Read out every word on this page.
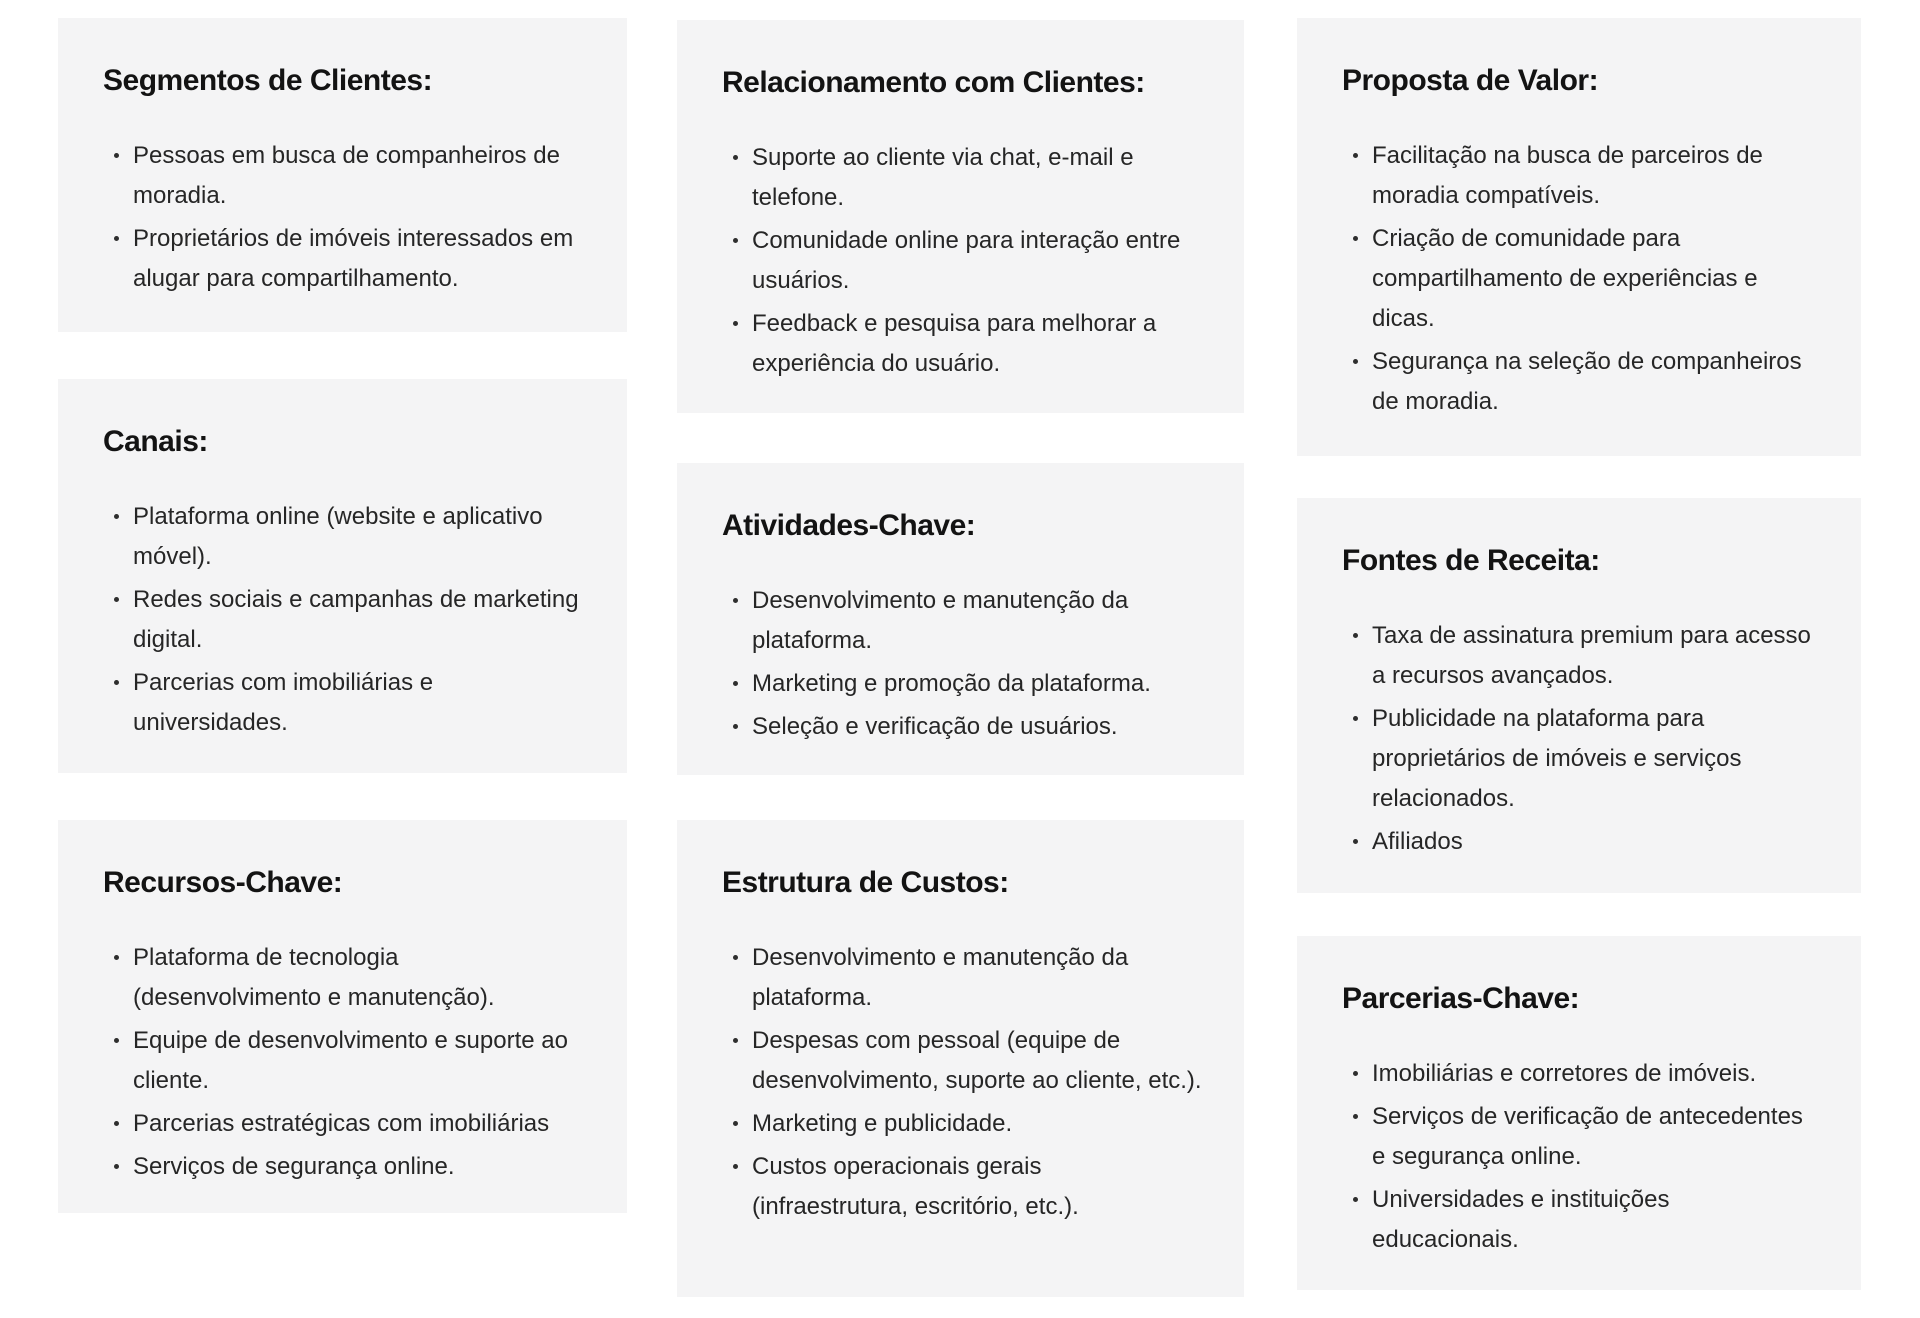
Segmentos de Clientes:
Pessoas em busca de companheiros de moradia.
Proprietários de imóveis interessados em alugar para compartilhamento.
Canais:
Plataforma online (website e aplicativo móvel).
Redes sociais e campanhas de marketing digital.
Parcerias com imobiliárias e universidades.
Recursos-Chave:
Plataforma de tecnologia (desenvolvimento e manutenção).
Equipe de desenvolvimento e suporte ao cliente.
Parcerias estratégicas com imobiliárias
Serviços de segurança online.
Relacionamento com Clientes:
Suporte ao cliente via chat, e-mail e telefone.
Comunidade online para interação entre usuários.
Feedback e pesquisa para melhorar a experiência do usuário.
Atividades-Chave:
Desenvolvimento e manutenção da plataforma.
Marketing e promoção da plataforma.
Seleção e verificação de usuários.
Estrutura de Custos:
Desenvolvimento e manutenção da plataforma.
Despesas com pessoal (equipe de desenvolvimento, suporte ao cliente, etc.).
Marketing e publicidade.
Custos operacionais gerais (infraestrutura, escritório, etc.).
Proposta de Valor:
Facilitação na busca de parceiros de moradia compatíveis.
Criação de comunidade para compartilhamento de experiências e dicas.
Segurança na seleção de companheiros de moradia.
Fontes de Receita:
Taxa de assinatura premium para acesso a recursos avançados.
Publicidade na plataforma para proprietários de imóveis e serviços relacionados.
Afiliados
Parcerias-Chave:
Imobiliárias e corretores de imóveis.
Serviços de verificação de antecedentes e segurança online.
Universidades e instituições educacionais.
